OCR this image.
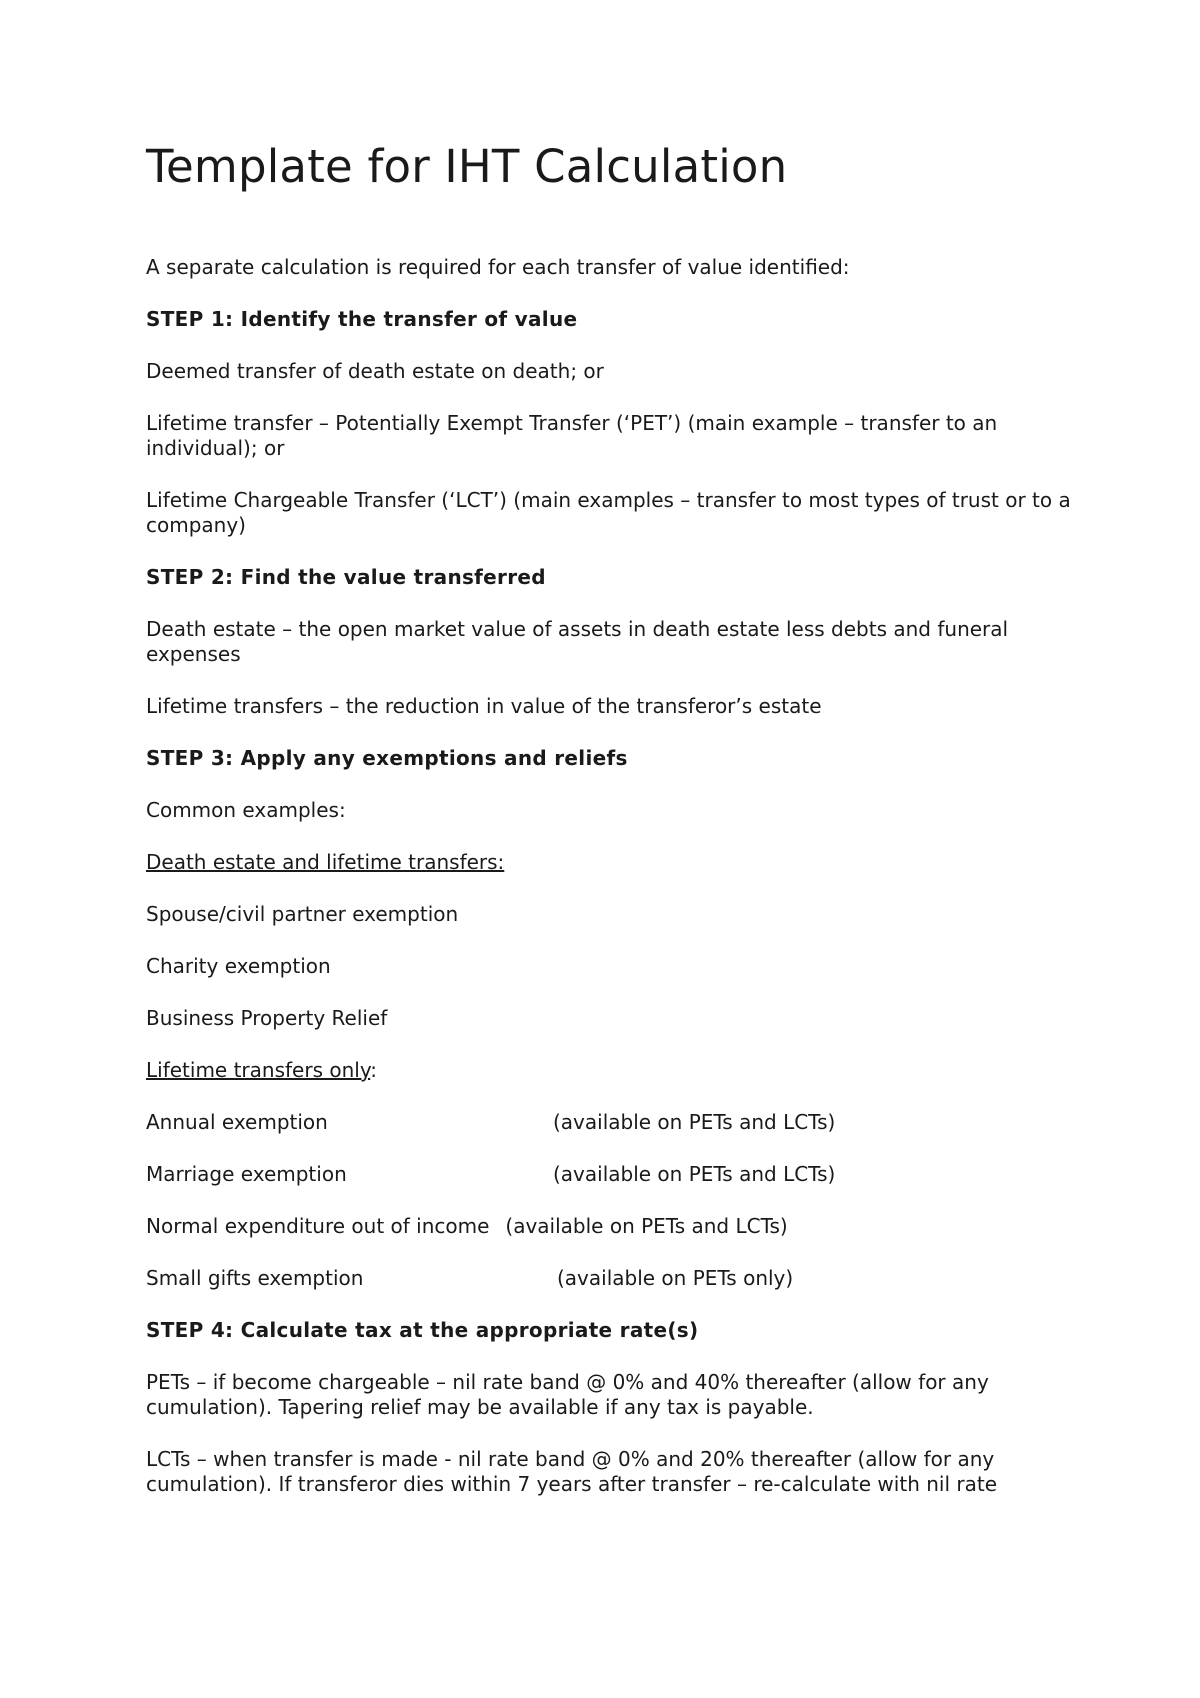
Template for IHT Calculation

A separate calculation is required for each transfer of value identified:

STEP 1: Identify the transfer of value

Deemed transfer of death estate on death; or

Lifetime transfer – Potentially Exempt Transfer (‘PET’) (main example – transfer to an individual); or

Lifetime Chargeable Transfer (‘LCT’) (main examples – transfer to most types of trust or to a company)

STEP 2: Find the value transferred

Death estate – the open market value of assets in death estate less debts and funeral expenses

Lifetime transfers – the reduction in value of the transferor’s estate

STEP 3: Apply any exemptions and reliefs

Common examples:

Death estate and lifetime transfers:

Spouse/civil partner exemption

Charity exemption

Business Property Relief

Lifetime transfers only:

Annual exemption	(available on PETs and LCTs)

Marriage exemption	(available on PETs and LCTs)

Normal expenditure out of income (available on PETs and LCTs)

Small gifts exemption	(available on PETs only)

STEP 4: Calculate tax at the appropriate rate(s)

PETs – if become chargeable – nil rate band @ 0% and 40% thereafter (allow for any cumulation). Tapering relief may be available if any tax is payable.

LCTs – when transfer is made - nil rate band @ 0% and 20% thereafter (allow for any cumulation). If transferor dies within 7 years after transfer – re-calculate with nil rate
